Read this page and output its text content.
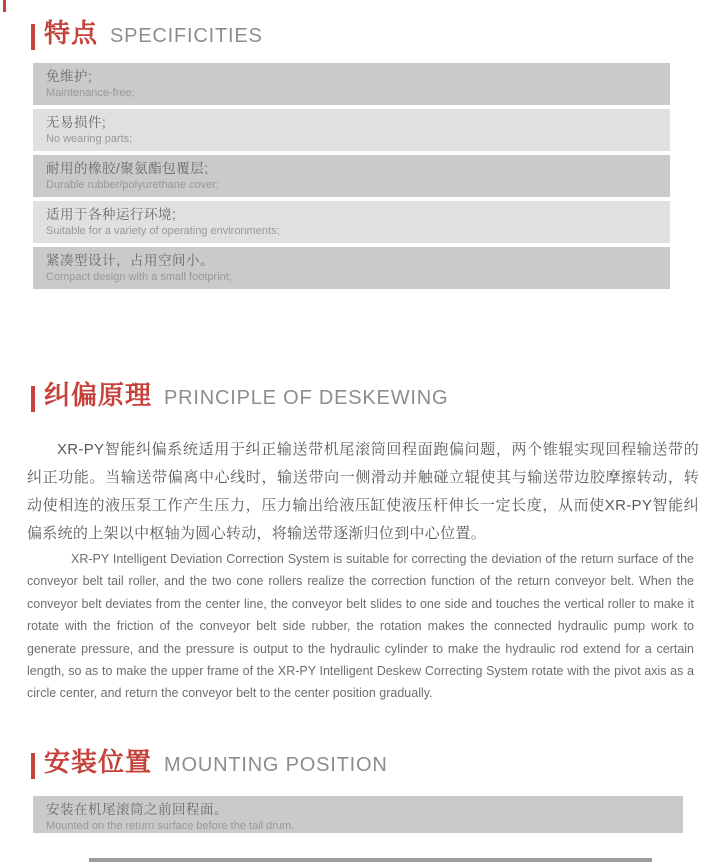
特点 SPECIFICITIES
免维护;
Maintenance-free;
无易损件;
No wearing parts;
耐用的橡胶/聚氨酯包覆层;
Durable rubber/polyurethane cover;
适用于各种运行环境;
Suitable for a variety of operating environments;
紧凑型设计，占用空间小。
Compact design with a small footprint;
纠偏原理 PRINCIPLE OF DESKEWING

XR-PY智能纠偏系统适用于纠正输送带机尾滚筒回程面跑偏问题，两个锥辊实现回程输送带的纠正功能。当输送带偏离中心线时，输送带向一侧滑动并触碰立辊使其与输送带边胶摩擦转动，转动使相连的液压泵工作产生压力，压力输出给液压缸使液压杆伸长一定长度，从而使XR-PY智能纠偏系统的上架以中枢轴为圆心转动，将输送带逐渐归位到中心位置。

XR-PY Intelligent Deviation Correction System is suitable for correcting the deviation of the return surface of the conveyor belt tail roller, and the two cone rollers realize the correction function of the return conveyor belt. When the conveyor belt deviates from the center line, the conveyor belt slides to one side and touches the vertical roller to make it rotate with the friction of the conveyor belt side rubber, the rotation makes the connected hydraulic pump work to generate pressure, and the pressure is output to the hydraulic cylinder to make the hydraulic rod extend for a certain length, so as to make the upper frame of the XR-PY Intelligent Deskew Correcting System rotate with the pivot axis as a circle center, and return the conveyor belt to the center position gradually.

安装位置 MOUNTING POSITION
安装在机尾滚筒之前回程面。
Mounted on the return surface before the tail drum.
